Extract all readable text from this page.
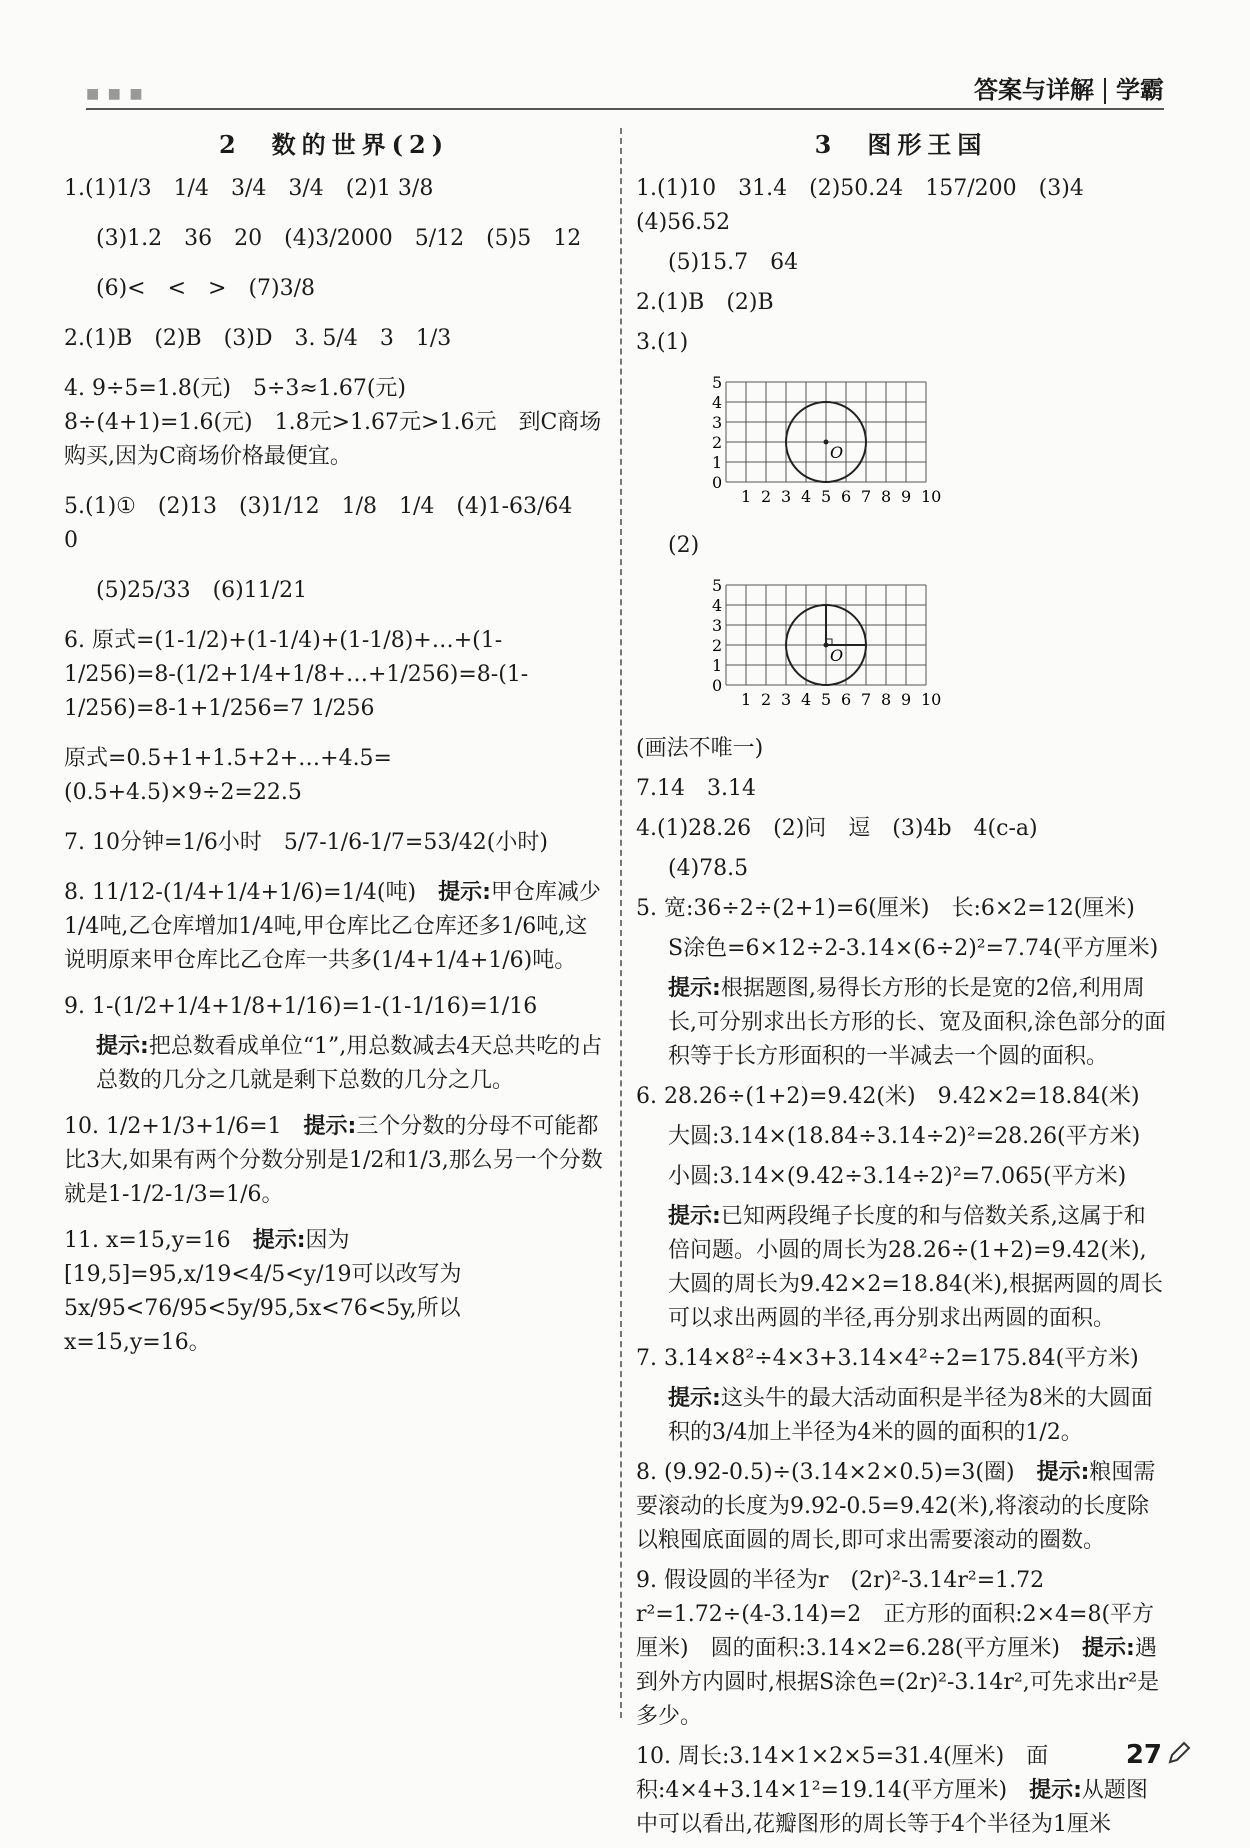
■ ■ ■	答案与详解 学霸
2　数的世界(2)
1.(1)1/3　1/4　3/4　3/4　(2)1 3/8
(3)1.2　36　20　(4)3/2000　5/12　(5)5　12
(6)<　<　>　(7)3/8
2.(1)B　(2)B　(3)D　3. 5/4　3　1/3
4. 9÷5=1.8(元)　5÷3≈1.67(元)　8÷(4+1)=1.6(元)　1.8元>1.67元>1.6元　到C商场购买,因为C商场价格最便宜。
5.(1)①　(2)13　(3)1/12　1/8　1/4　(4)1-63/64　0
(5)25/33　(6)11/21
6. 原式=(1-1/2)+(1-1/4)+(1-1/8)+…+(1-1/256)=8-(1/2+1/4+1/8+…+1/256)=8-(1-1/256)=8-1+1/256=7 1/256
原式=0.5+1+1.5+2+…+4.5=(0.5+4.5)×9÷2=22.5
7. 10分钟=1/6小时　5/7-1/6-1/7=53/42(小时)
8. 11/12-(1/4+1/4+1/6)=1/4(吨)　 提示:甲仓库减少1/4吨,乙仓库增加1/4吨,甲仓库比乙仓库还多1/6吨,这说明原来甲仓库比乙仓库一共多(1/4+1/4+1/6)吨。
9. 1-(1/2+1/4+1/8+1/16)=1-(1-1/16)=1/16
提示:把总数看成单位“1”,用总数减去4天总共吃的占总数的几分之几就是剩下总数的几分之几。
10. 1/2+1/3+1/6=1　 提示:三个分数的分母不可能都比3大,如果有两个分数分别是1/2和1/3,那么另一个分数就是1-1/2-1/3=1/6。
11. x=15,y=16　 提示:因为[19,5]=95,x/19<4/5<y/19可以改写为5x/95<76/95<5y/95,5x<76<5y,所以x=15,y=16。
3　图形王国
1.(1)10　31.4　(2)50.24　157/200　(3)4　(4)56.52
(5)15.7　64
2.(1)B　(2)B
3.(1)
0
1
2
3
4
5
1 2 3 4 5 6 7 8 9 10
O
(2)
0
1
2
3
4
5
1 2 3 4 5 6 7 8 9 10
O
(画法不唯一)
7.14　3.14
4.(1)28.26　(2)问　逗　(3)4b　4(c-a)
(4)78.5
5. 宽:36÷2÷(2+1)=6(厘米)　长:6×2=12(厘米)
S涂色=6×12÷2-3.14×(6÷2)²=7.74(平方厘米)
提示:根据题图,易得长方形的长是宽的2倍,利用周长,可分别求出长方形的长、宽及面积,涂色部分的面积等于长方形面积的一半减去一个圆的面积。
6. 28.26÷(1+2)=9.42(米)　9.42×2=18.84(米)
大圆:3.14×(18.84÷3.14÷2)²=28.26(平方米)
小圆:3.14×(9.42÷3.14÷2)²=7.065(平方米)
提示:已知两段绳子长度的和与倍数关系,这属于和倍问题。小圆的周长为28.26÷(1+2)=9.42(米),大圆的周长为9.42×2=18.84(米),根据两圆的周长可以求出两圆的半径,再分别求出两圆的面积。
7. 3.14×8²÷4×3+3.14×4²÷2=175.84(平方米)
提示:这头牛的最大活动面积是半径为8米的大圆面积的3/4加上半径为4米的圆的面积的1/2。
8. (9.92-0.5)÷(3.14×2×0.5)=3(圈)　 提示:粮囤需要滚动的长度为9.92-0.5=9.42(米),将滚动的长度除以粮囤底面圆的周长,即可求出需要滚动的圈数。
9. 假设圆的半径为r　(2r)²-3.14r²=1.72　r²=1.72÷(4-3.14)=2　正方形的面积:2×4=8(平方厘米)　圆的面积:3.14×2=6.28(平方厘米)　 提示:遇到外方内圆时,根据S涂色=(2r)²-3.14r²,可先求出r²是多少。
10. 周长:3.14×1×2×5=31.4(厘米)　面积:4×4+3.14×1²=19.14(平方厘米)　 提示:从题图中可以看出,花瓣图形的周长等于4个半径为1厘米
27
